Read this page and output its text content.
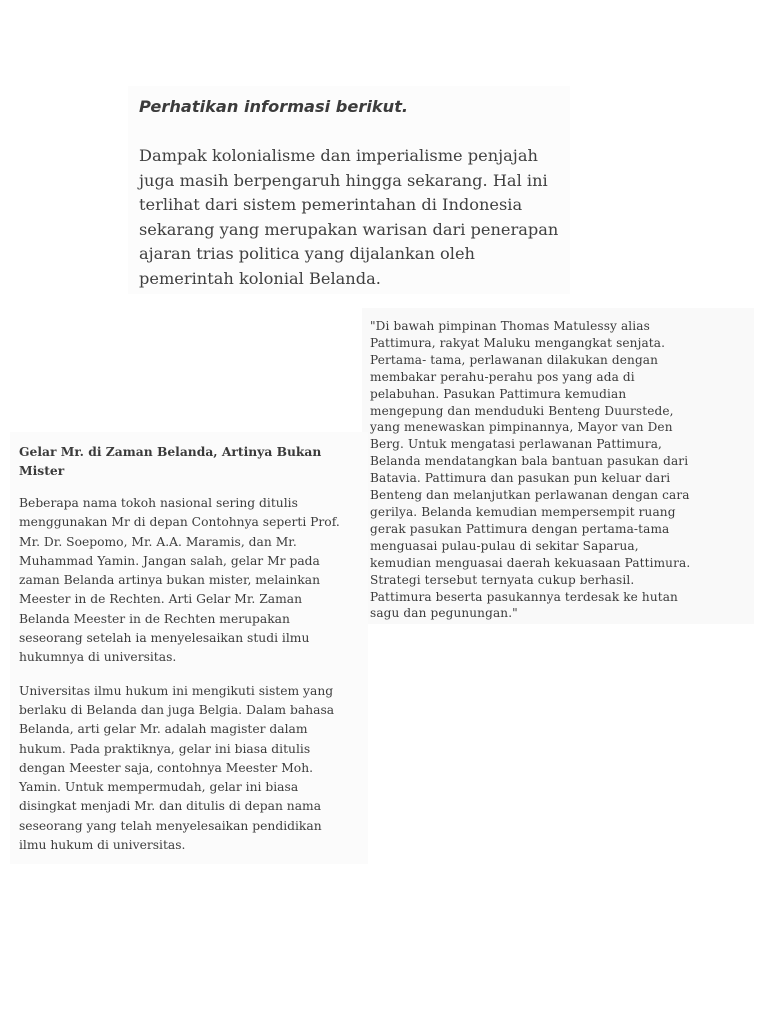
Perhatikan informasi berikut.

Dampak kolonialisme dan imperialisme penjajah
juga masih berpengaruh hingga sekarang. Hal ini
terlihat dari sistem pemerintahan di Indonesia
sekarang yang merupakan warisan dari penerapan
ajaran trias politica yang dijalankan oleh
pemerintah kolonial Belanda.

"Di bawah pimpinan Thomas Matulessy alias
Pattimura, rakyat Maluku mengangkat senjata.
Pertama- tama, perlawanan dilakukan dengan
membakar perahu-perahu pos yang ada di
pelabuhan. Pasukan Pattimura kemudian
mengepung dan menduduki Benteng Duurstede,
yang menewaskan pimpinannya, Mayor van Den
Berg. Untuk mengatasi perlawanan Pattimura,
Belanda mendatangkan bala bantuan pasukan dari
Batavia. Pattimura dan pasukan pun keluar dari
Benteng dan melanjutkan perlawanan dengan cara
gerilya. Belanda kemudian mempersempit ruang
gerak pasukan Pattimura dengan pertama-tama
menguasai pulau-pulau di sekitar Saparua,
kemudian menguasai daerah kekuasaan Pattimura.
Strategi tersebut ternyata cukup berhasil.
Pattimura beserta pasukannya terdesak ke hutan
sagu dan pegunungan."

Gelar Mr. di Zaman Belanda, Artinya Bukan
Mister

Beberapa nama tokoh nasional sering ditulis
menggunakan Mr di depan Contohnya seperti Prof.
Mr. Dr. Soepomo, Mr. A.A. Maramis, dan Mr.
Muhammad Yamin. Jangan salah, gelar Mr pada
zaman Belanda artinya bukan mister, melainkan
Meester in de Rechten. Arti Gelar Mr. Zaman
Belanda Meester in de Rechten merupakan
seseorang setelah ia menyelesaikan studi ilmu
hukumnya di universitas.

Universitas ilmu hukum ini mengikuti sistem yang
berlaku di Belanda dan juga Belgia. Dalam bahasa
Belanda, arti gelar Mr. adalah magister dalam
hukum. Pada praktiknya, gelar ini biasa ditulis
dengan Meester saja, contohnya Meester Moh.
Yamin. Untuk mempermudah, gelar ini biasa
disingkat menjadi Mr. dan ditulis di depan nama
seseorang yang telah menyelesaikan pendidikan
ilmu hukum di universitas.
